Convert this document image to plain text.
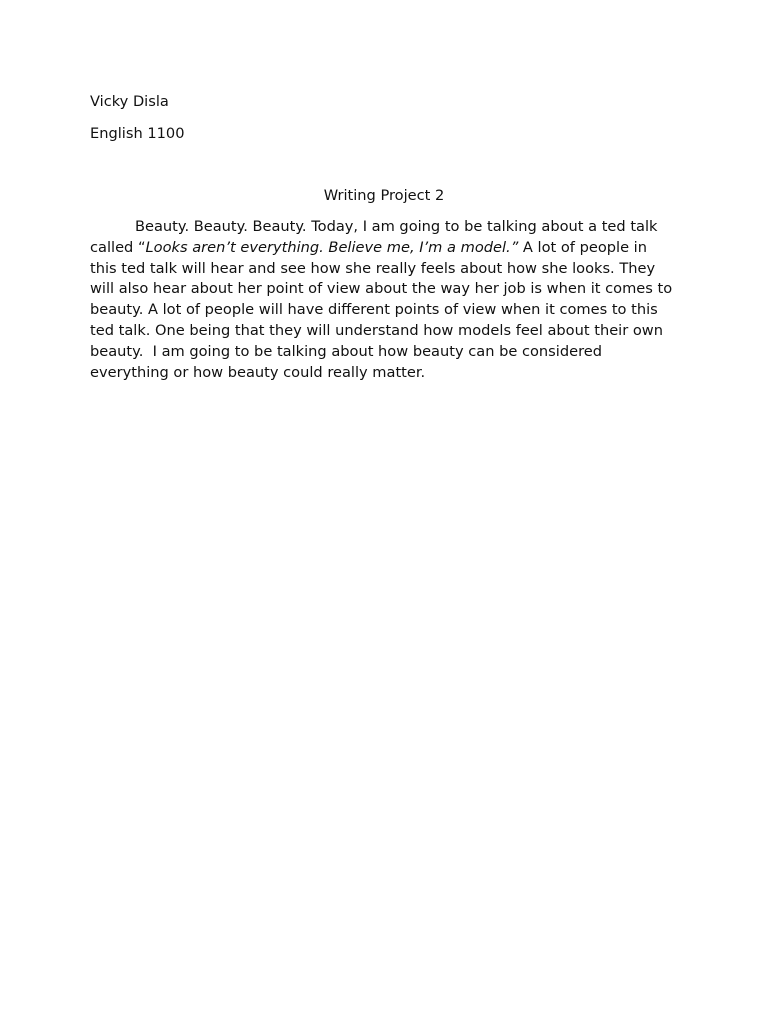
Vicky Disla
English 1100
Writing Project 2

Beauty. Beauty. Beauty. Today, I am going to be talking about a ted talk called “Looks aren’t everything. Believe me, I’m a model.” A lot of people in this ted talk will hear and see how she really feels about how she looks. They will also hear about her point of view about the way her job is when it comes to beauty. A lot of people will have different points of view when it comes to this ted talk. One being that they will understand how models feel about their own beauty.  I am going to be talking about how beauty can be considered everything or how beauty could really matter.
